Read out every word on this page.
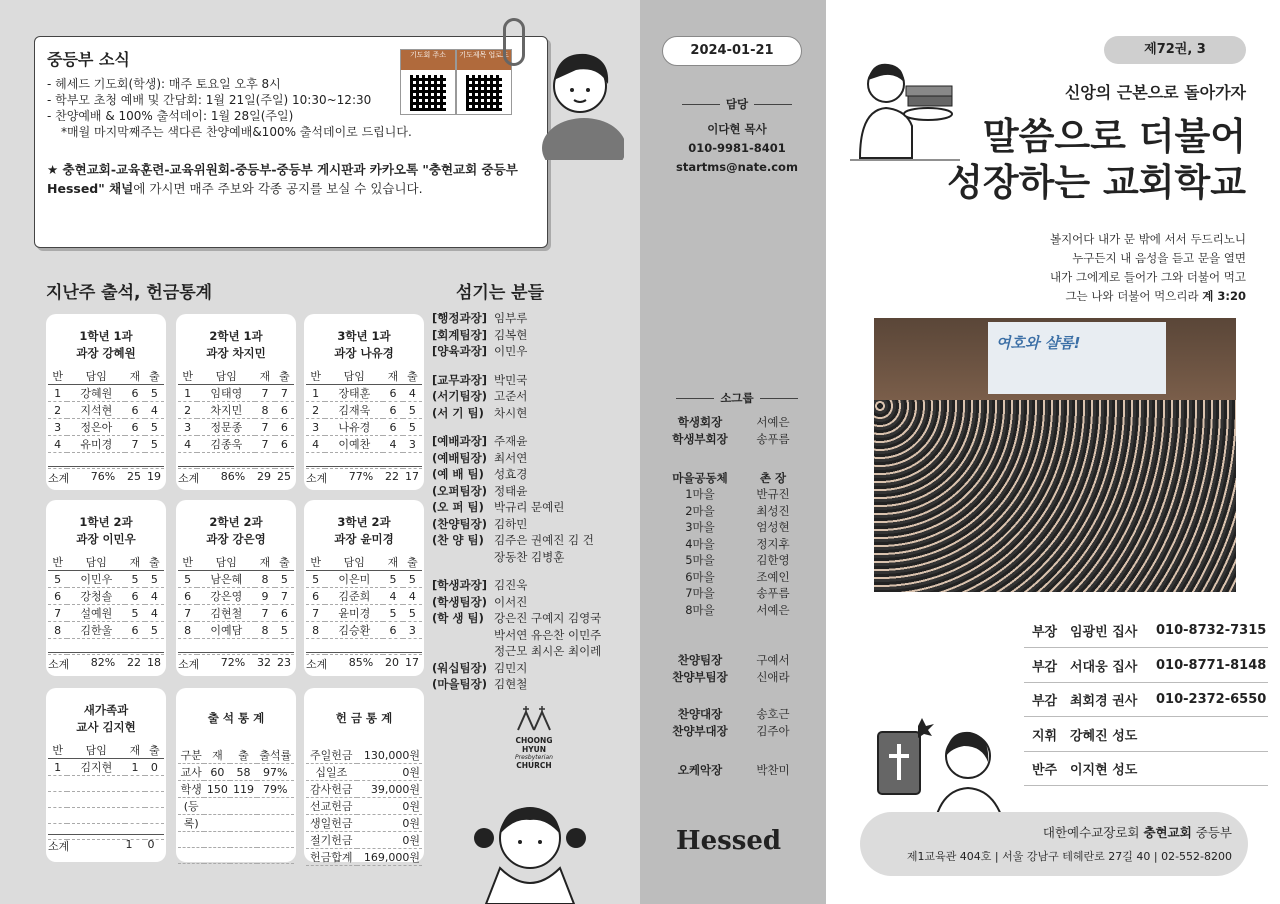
중등부 소식
- 헤세드 기도회(학생): 매주 토요일 오후 8시
- 학부모 초청 예배 및 간담회: 1월 21일(주일) 10:30~12:30
- 찬양예배 & 100% 출석데이: 1월 28일(주일)
*매월 마지막째주는 색다른 찬양예배&100% 출석데이로 드립니다.
★ 충현교회-교육훈련-교육위원회-중등부-중등부 게시판과 카카오톡 "충현교회 중등부 Hessed" 채널에 가시면 매주 주보와 각종 공지를 보실 수 있습니다.
기도회 주소	기도제목 업로드
지난주 출석, 헌금통계
1학년 1과
과장 강혜원
반	담임	재	출
1	강혜원	6	5
2	지석현	6	4
3	정은아	6	5
4	유미경	7	5

소계	76%	25 19
2학년 1과
과장 차지민
반	담임	재	출
1	임태영	7	7
2	차지민	8	6
3	정문종	7	6
4	김종욱	7	6

소계	86%	29 25
3학년 1과
과장 나유경
반	담임	재	출
1	장태훈	6	4
2	김재욱	6	5
3	나유경	6	5
4	이예찬	4	3

소계	77%	22 17
1학년 2과
과장 이민우
반	담임	재	출
5	이민우	5	5
6	강청솔	6	4
7	설예원	5	4
8	김한울	6	5

소계	82%	22 18
2학년 2과
과장 강은영
반	담임	재	출
5	남은혜	8	5
6	강은영	9	7
7	김현철	7	6
8	이예담	8	5

소계	72%	32 23
3학년 2과
과장 윤미경
반	담임	재	출
5	이은미	5	5
6	김준희	4	4
7	윤미경	5	5
8	김승환	6	3

소계	85%	20 17
새가족과
교사 김지현
반	담임	재	출
1	김지현	1	0

소계	1	0
출 석 통 계
구분	재	출	출석률
교사	60	58	97%
학생	150	119	79%
(등			
록)			

헌 금 통 계
주일헌금	130,000원
십일조	0원
감사헌금	39,000원
선교헌금	0원
생일헌금	0원
절기헌금	0원
헌금합계	169,000원
섬기는 분들
[행정과장] 임부루
[회계팀장] 김복현
[양육과장] 이민우
[교무과장] 박민국
(서기팀장) 고준서
(서 기 팀) 차시현
[예배과장] 주재윤
(예배팀장) 최서연
(예 배 팀) 성효경
(오퍼팀장) 정태윤
(오 퍼 팀) 박규리 문예린
(찬양팀장) 김하민
(찬 양 팀) 김주은 권예진 김 건
장동찬 김병훈
[학생과장] 김진욱
(학생팀장) 이서진
(학 생 팀) 강은진 구예지 김영국
박서연 유은찬 이민주
정근모 최시온 최이레
(워십팀장) 김민지
(마을팀장) 김현철
CHOONG HYUN
Presbyterian
CHURCH
2024-01-21
담당
이다현 목사
010-9981-8401
startms@nate.com
소그룹
학생회장	서예은
학생부회장	송푸름
마을공동체	촌 장
1마을	반규진
2마을	최성진
3마을	엄성현
4마을	정지후
5마을	김한영
6마을	조예인
7마을	송푸름
8마을	서예은
찬양팀장	구예서
찬양부팀장	신애라
찬양대장	송호근
찬양부대장	김주아
오케악장	박찬미
Hessed
제72권, 3
신앙의 근본으로 돌아가자
말씀으로 더불어
성장하는 교회학교
볼지어다 내가 문 밖에 서서 두드리노니
누구든지 내 음성을 듣고 문을 열면
내가 그에게로 들어가 그와 더불어 먹고
그는 나와 더불어 먹으리라 계 3:20
여호와 샬롬!
부장 임광빈 집사	010-8732-7315
부감 서대웅 집사	010-8771-8148
부감 최회경 권사	010-2372-6550
지휘 강혜진 성도
반주 이지현 성도
대한예수교장로회 충현교회 중등부
제1교육관 404호 | 서울 강남구 테헤란로 27길 40 | 02-552-8200
